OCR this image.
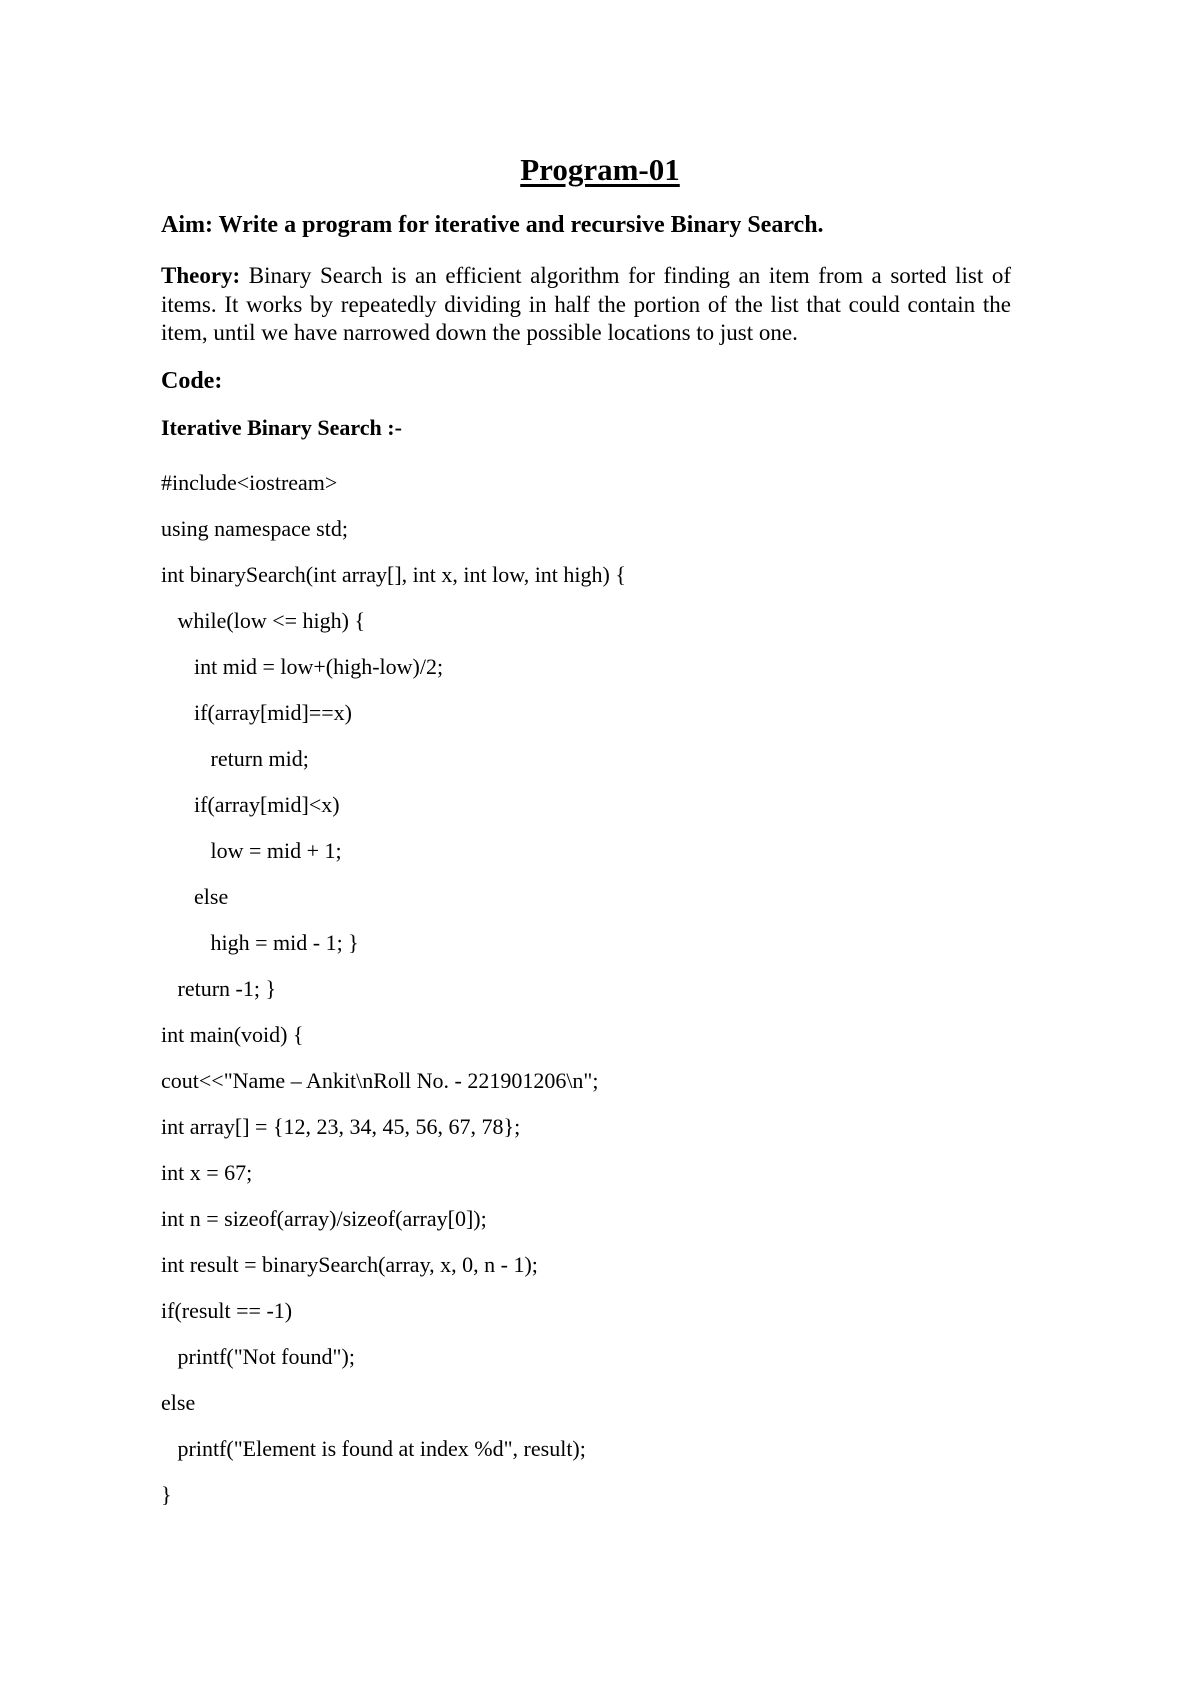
Program-01
Aim: Write a program for iterative and recursive Binary Search.
Theory: Binary Search is an efficient algorithm for finding an item from a sorted list of items. It works by repeatedly dividing in half the portion of the list that could contain the item, until we have narrowed down the possible locations to just one.
Code:
Iterative Binary Search :-
#include<iostream>
using namespace std;
int binarySearch(int array[], int x, int low, int high) {
while(low <= high) {
int mid = low+(high-low)/2;
if(array[mid]==x)
return mid;
if(array[mid]<x)
low = mid + 1;
else
high = mid - 1; }
return -1; }
int main(void) {
cout<<"Name – Ankit\nRoll No. - 221901206\n";
int array[] = {12, 23, 34, 45, 56, 67, 78};
int x = 67;
int n = sizeof(array)/sizeof(array[0]);
int result = binarySearch(array, x, 0, n - 1);
if(result == -1)
printf("Not found");
else
printf("Element is found at index %d", result);
}
